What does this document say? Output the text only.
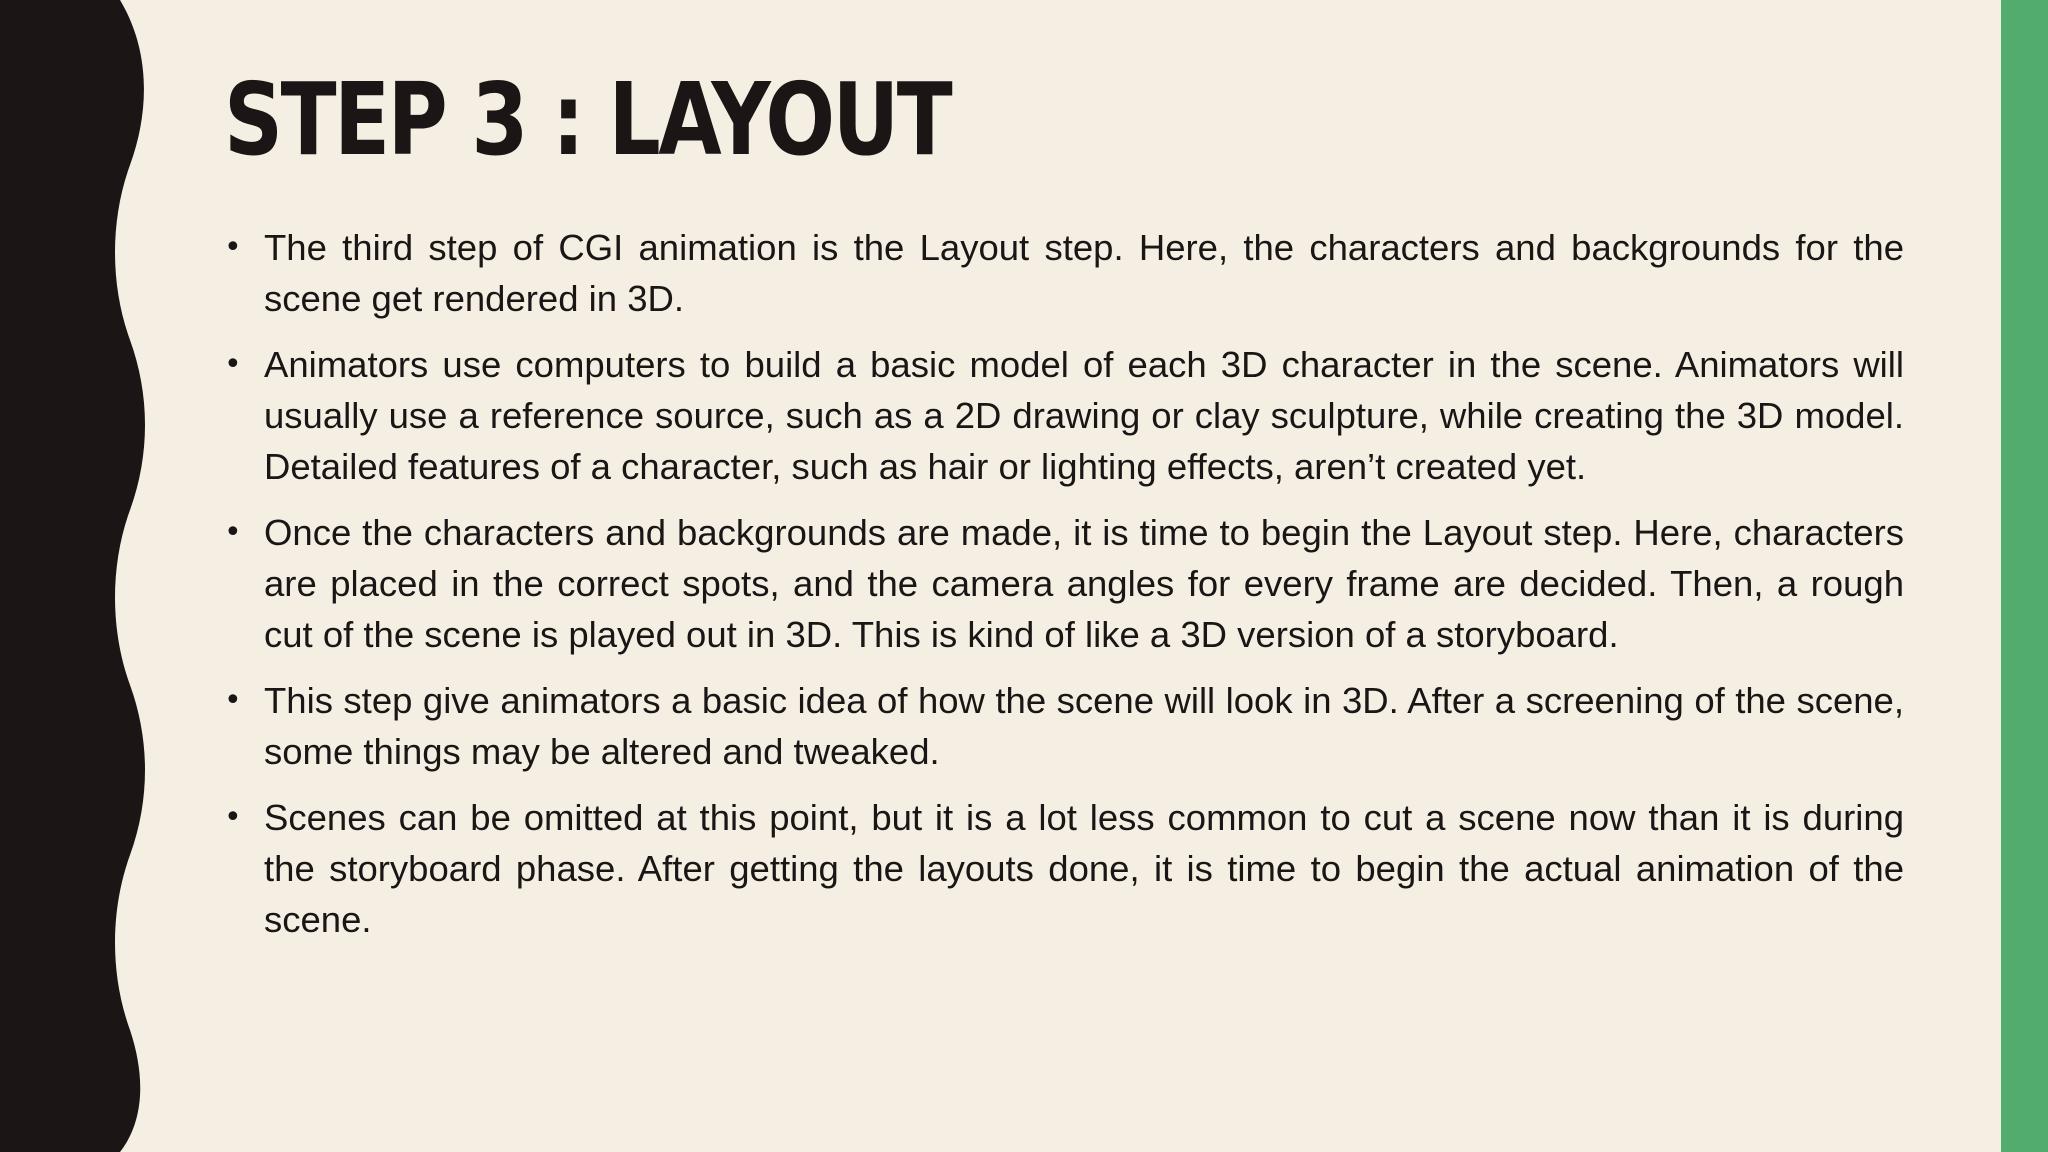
STEP 3 : LAYOUT
• The third step of CGI animation is the Layout step. Here, the characters and backgrounds for the scene get rendered in 3D.
• Animators use computers to build a basic model of each 3D character in the scene. Animators will usually use a reference source, such as a 2D drawing or clay sculpture, while creating the 3D model. Detailed features of a character, such as hair or lighting effects, aren’t created yet.
• Once the characters and backgrounds are made, it is time to begin the Layout step. Here, characters are placed in the correct spots, and the camera angles for every frame are decided. Then, a rough cut of the scene is played out in 3D. This is kind of like a 3D version of a storyboard.
• This step give animators a basic idea of how the scene will look in 3D. After a screening of the scene, some things may be altered and tweaked.
• Scenes can be omitted at this point, but it is a lot less common to cut a scene now than it is during the storyboard phase. After getting the layouts done, it is time to begin the actual animation of the scene.
